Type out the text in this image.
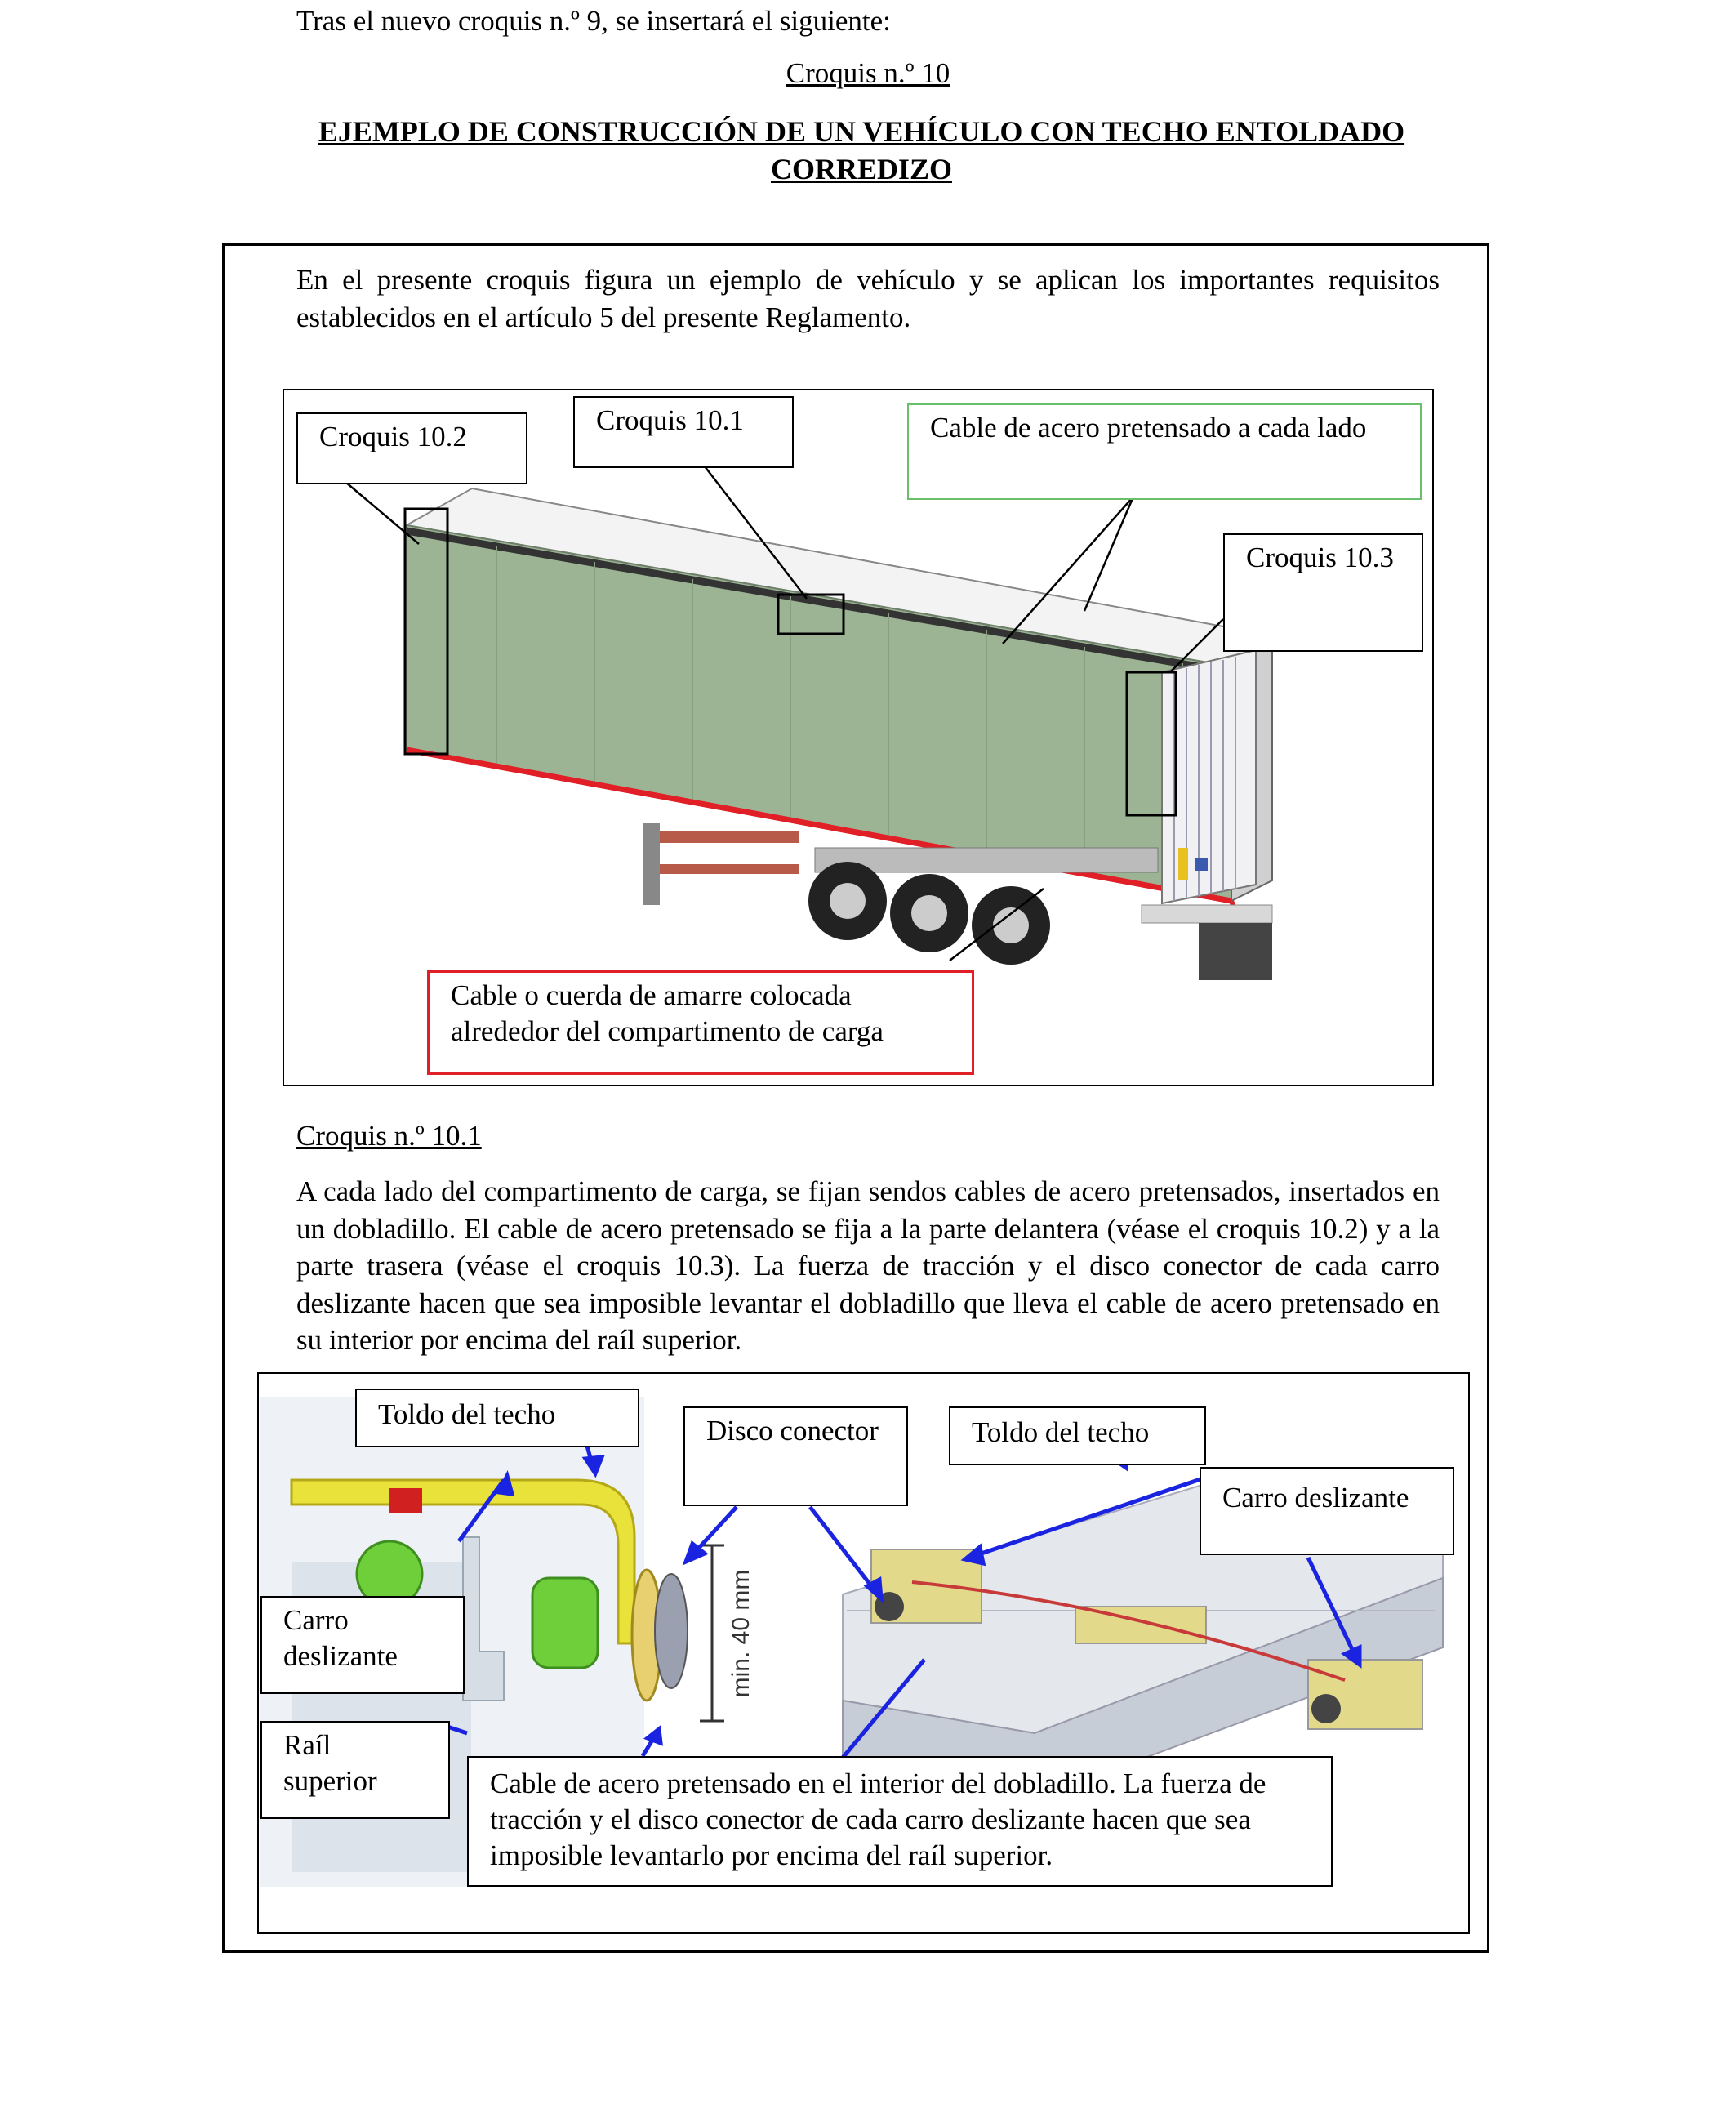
Tras el nuevo croquis n.º 9, se insertará el siguiente:
Croquis n.º 10
EJEMPLO DE CONSTRUCCIÓN DE UN VEHÍCULO CON TECHO ENTOLDADO CORREDIZO
En el presente croquis figura un ejemplo de vehículo y se aplican los importantes requisitos establecidos en el artículo 5 del presente Reglamento.
Croquis 10.2
Croquis 10.1	Cable de acero pretensado a cada lado
Croquis 10.3
Cable o cuerda de amarre colocada alrededor del compartimento de carga
Croquis n.º 10.1
A cada lado del compartimento de carga, se fijan sendos cables de acero pretensados, insertados en un dobladillo. El cable de acero pretensado se fija a la parte delantera (véase el croquis 10.2) y a la parte trasera (véase el croquis 10.3). La fuerza de tracción y el disco conector de cada carro deslizante hacen que sea imposible levantar el dobladillo que lleva el cable de acero pretensado en su interior por encima del raíl superior.
min. 40 mm
Toldo del techo
Disco conector	Toldo del techo
Carro deslizante
Carro deslizante
Raíl superior	Cable de acero pretensado en el interior del dobladillo. La fuerza de tracción y el disco conector de cada carro deslizante hacen que sea imposible levantarlo por encima del raíl superior.
